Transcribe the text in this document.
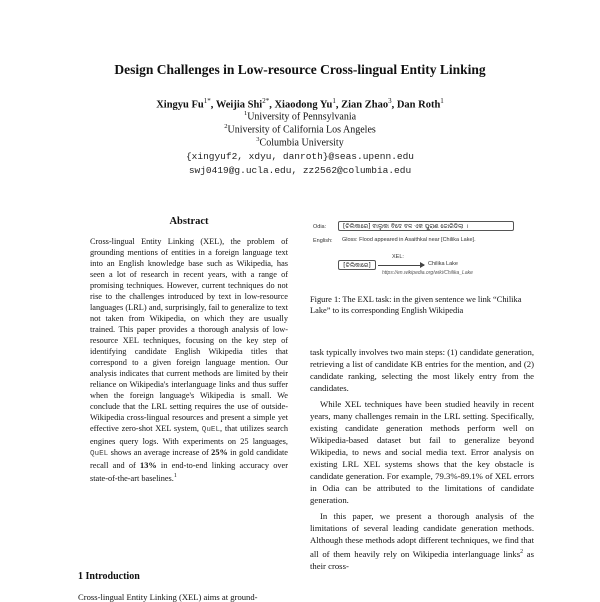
Design Challenges in Low-resource Cross-lingual Entity Linking
Xingyu $Fu^{1*}$, Weijia Shi$^{2*}$, Xiaodong Yu$^1$, Zian Zhao$^3$, Dan Roth$^1$
$^1$University of Pennsylvania
$^2$University of California Los Angeles
$^3$Columbia University
{xingyuf2, xdyu, danroth}@seas.upenn.edu
swj0419@g.ucla.edu, zz2562@columbia.edu
Abstract
Cross-lingual Entity Linking (XEL), the problem of grounding mentions of entities in a foreign language text into an English knowledge base such as Wikipedia, has seen a lot of research in recent years, with a range of promising techniques. However, current techniques do not rise to the challenges introduced by text in low-resource languages (LRL) and, surprisingly, fail to generalize to text not taken from Wikipedia, on which they are usually trained. This paper provides a thorough analysis of low-resource XEL techniques, focusing on the key step of identifying candidate English Wikipedia titles that correspond to a given foreign language mention. Our analysis indicates that current methods are limited by their reliance on Wikipedia's interlanguage links and thus suffer when the foreign language's Wikipedia is small. We conclude that the LRL setting requires the use of outside-Wikipedia cross-lingual resources and present a simple yet effective zero-shot XEL system, QuEL, that utilizes search engines query logs. With experiments on 25 languages, QuEL shows an average increase of 25% in gold candidate recall and of 13% in end-to-end linking accuracy over state-of-the-art baselines.$^1$
1 Introduction
Cross-lingual Entity Linking (XEL) aims at ground-
Odia:	[ଚିଲିକାରେ] ବାଲୁକା ବିଦେ ବଳ ଏକ ପୁରାଣ ଜୋରିଡିଲା ।
English: Gloss: Flood appeared in Asaithkal near [Chilika Lake].
[ଚିଲିକାରେ]
XEL:
Chilika Lake
https://en.wikipedia.org/wiki/Chilika_Lake
Figure 1: The EXL task: in the given sentence we link “Chilika Lake” to its corresponding English Wikipedia

task typically involves two main steps: (1) candidate generation, retrieving a list of candidate KB entries for the mention, and (2) candidate ranking, selecting the most likely entry from the candidates.

While XEL techniques have been studied heavily in recent years, many challenges remain in the LRL setting. Specifically, existing candidate generation methods perform well on Wikipedia-based dataset but fail to generalize beyond Wikipedia, to news and social media text. Error analysis on existing LRL XEL systems shows that the key obstacle is candidate generation. For example, 79.3%-89.1% of XEL errors in Odia can be attributed to the limitations of candidate generation.

In this paper, we present a thorough analysis of the limitations of several leading candidate generation methods. Although these methods adopt different techniques, we find that all of them heavily rely on Wikipedia interlanguage links$^2$ as their cross-
